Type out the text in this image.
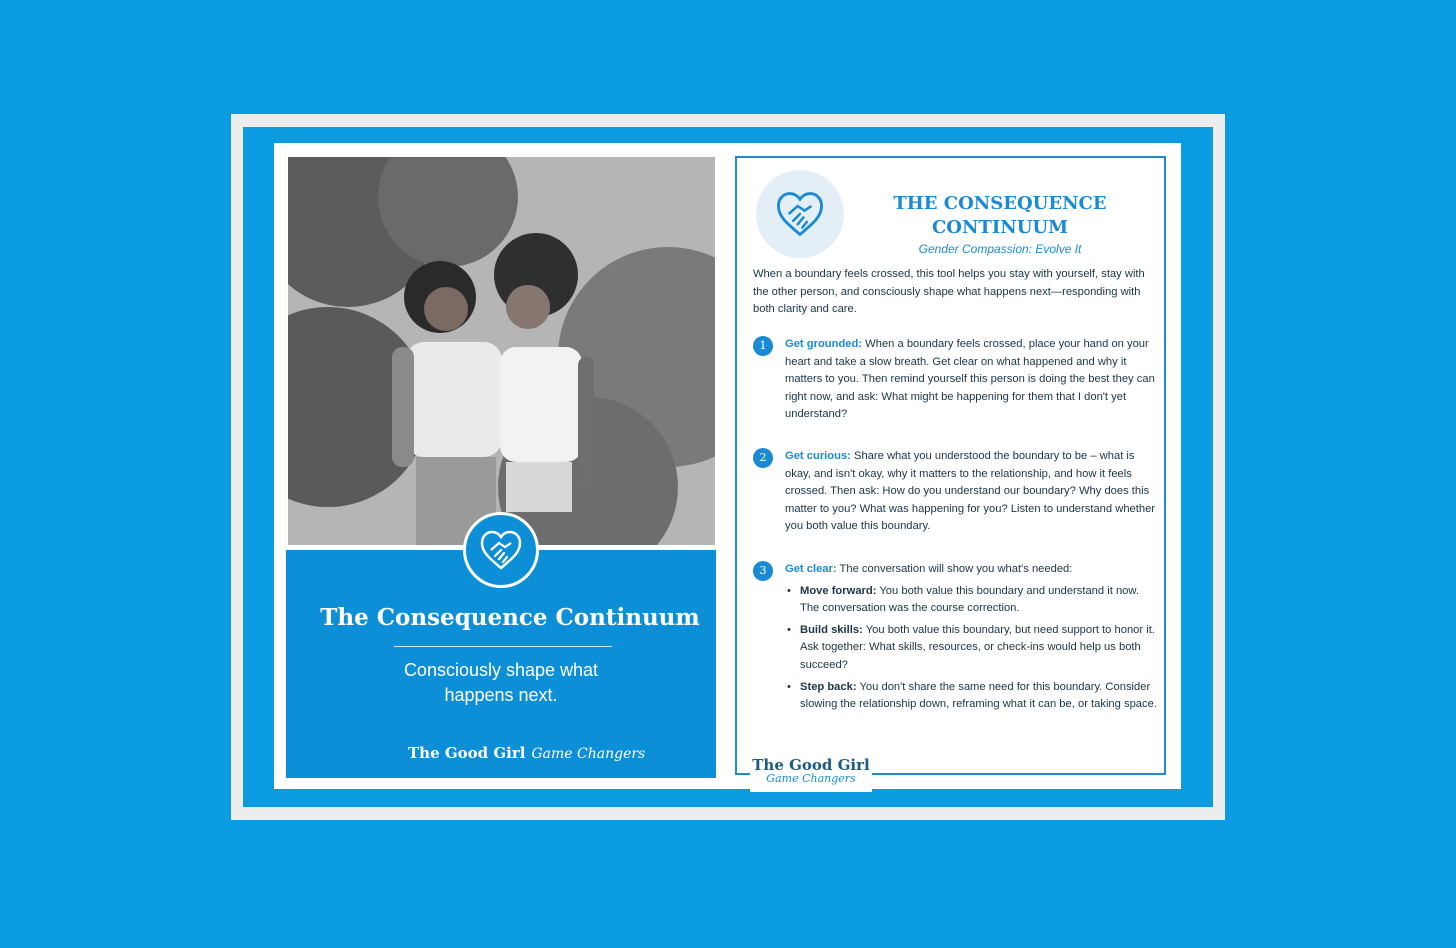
The Consequence Continuum
Consciously shape what happens next.
The Good Girl Game Changers
THE CONSEQUENCE CONTINUUM
Gender Compassion: Evolve It
When a boundary feels crossed, this tool helps you stay with yourself, stay with the other person, and consciously shape what happens next—responding with both clarity and care.
1	Get grounded: When a boundary feels crossed, place your hand on your heart and take a slow breath. Get clear on what happened and why it matters to you. Then remind yourself this person is doing the best they can right now, and ask: What might be happening for them that I don't yet understand?
2	Get curious: Share what you understood the boundary to be – what is okay, and isn't okay, why it matters to the relationship, and how it feels crossed. Then ask: How do you understand our boundary? Why does this matter to you? What was happening for you? Listen to understand whether you both value this boundary.
3	Get clear: The conversation will show you what's needed:
• Move forward: You both value this boundary and understand it now. The conversation was the course correction.
• Build skills: You both value this boundary, but need support to honor it. Ask together: What skills, resources, or check-ins would help us both succeed?
• Step back: You don't share the same need for this boundary. Consider slowing the relationship down, reframing what it can be, or taking space.
The Good Girl
Game Changers
